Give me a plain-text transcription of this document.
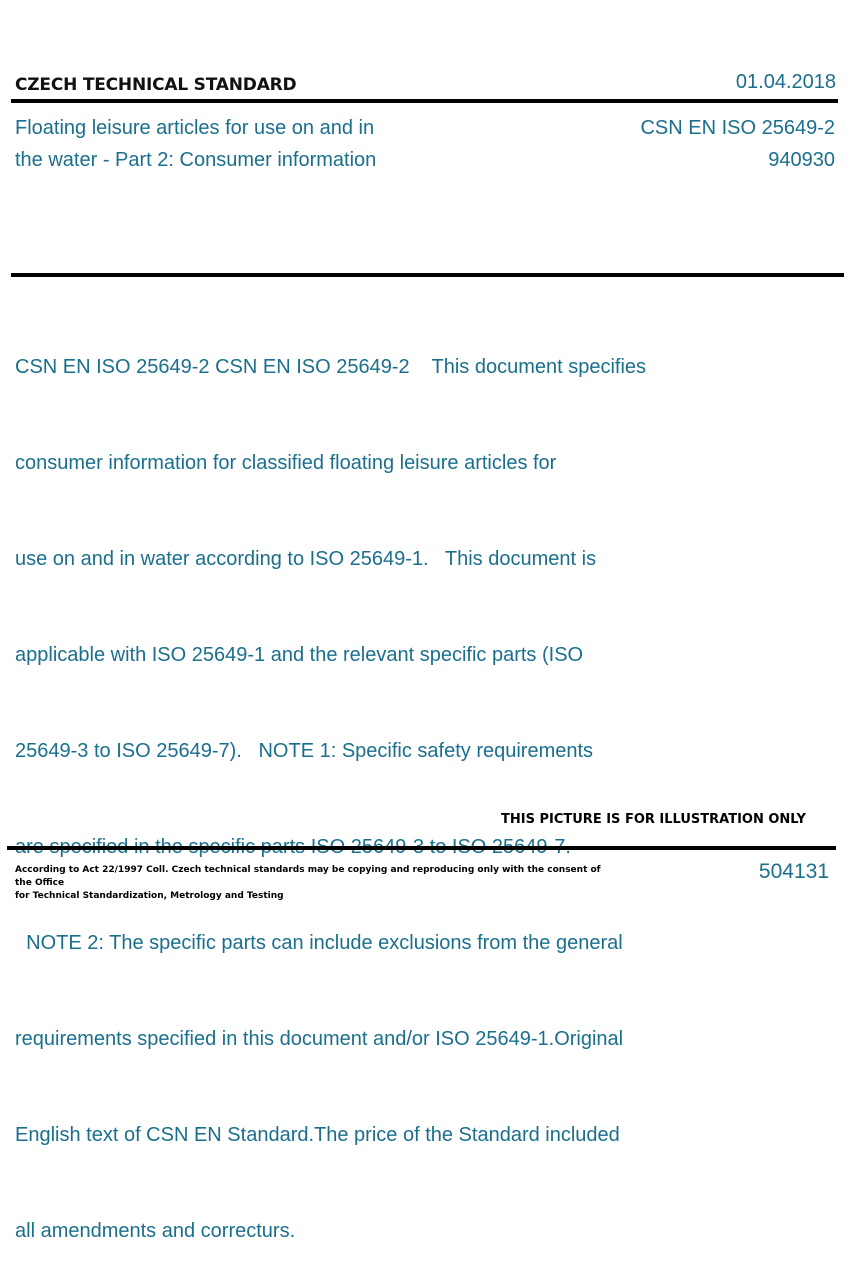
CZECH TECHNICAL STANDARD	01.04.2018
Floating leisure articles for use on and in
the water - Part 2: Consumer information
CSN EN ISO 25649-2
940930

CSN EN ISO 25649-2 CSN EN ISO 25649-2    This document specifies

consumer information for classified floating leisure articles for

use on and in water according to ISO 25649-1.   This document is

applicable with ISO 25649-1 and the relevant specific parts (ISO

25649-3 to ISO 25649-7).   NOTE 1: Specific safety requirements

NOTE 2: The specific parts can include exclusions from the general

requirements specified in this document and/or ISO 25649-1.Original

English text of CSN EN Standard.The price of the Standard included

all amendments and correcturs.

THIS PICTURE IS FOR ILLUSTRATION ONLY
According to Act 22/1997 Coll. Czech technical standards may be copying and reproducing only with the consent of the Office
for Technical Standardization, Metrology and Testing
504131
